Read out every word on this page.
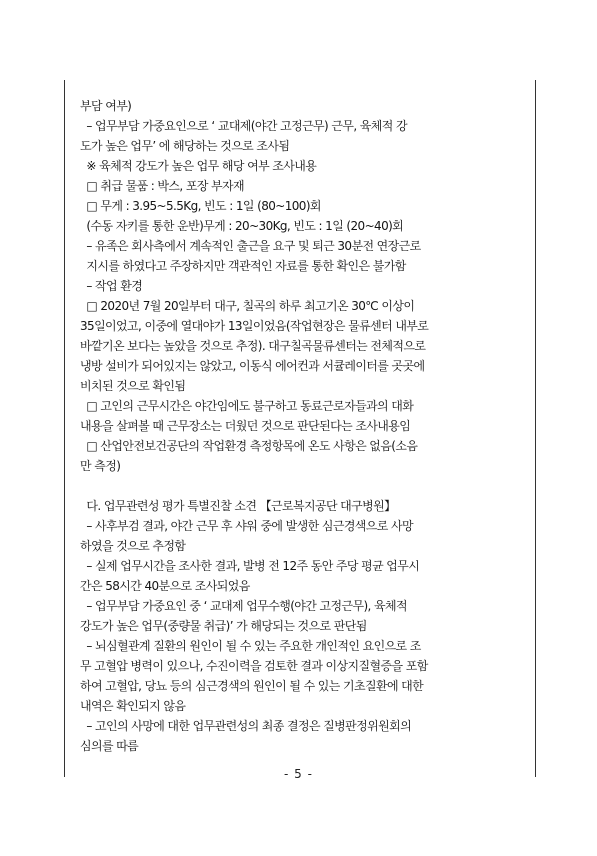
부담 여부)
– 업무부담 가중요인으로 ‘ 교대제(야간 고정근무) 근무, 육체적 강
도가 높은 업무’ 에 해당하는 것으로 조사됨
※ 육체적 강도가 높은 업무 해당 여부 조사내용
□ 취급 물품 : 박스, 포장 부자재
□ 무게 : 3.95~5.5Kg, 빈도 : 1일 (80~100)회
(수동 자키를 통한 운반)무게 : 20~30Kg, 빈도 : 1일 (20~40)회
– 유족은 회사측에서 계속적인 출근을 요구 및 퇴근 30분전 연장근로
지시를 하였다고 주장하지만 객관적인 자료를 통한 확인은 불가함
– 작업 환경
□ 2020년 7월 20일부터 대구, 칠곡의 하루 최고기온 30℃ 이상이
35일이었고, 이중에 열대야가 13일이었음(작업현장은 물류센터 내부로
바깥기온 보다는 높았을 것으로 추정). 대구칠곡물류센터는 전체적으로
냉방 설비가 되어있지는 않았고, 이동식 에어컨과 서큘레이터를 곳곳에
비치된 것으로 확인됨
□ 고인의 근무시간은 야간임에도 불구하고 동료근로자들과의 대화
내용을 살펴볼 때 근무장소는 더웠던 것으로 판단된다는 조사내용임
□ 산업안전보건공단의 작업환경 측정항목에 온도 사항은 없음(소음
만 측정)
다. 업무관련성 평가 특별진찰 소견 【근로복지공단 대구병원】
– 사후부검 결과, 야간 근무 후 샤워 중에 발생한 심근경색으로 사망
하였을 것으로 추정함
– 실제 업무시간을 조사한 결과, 발병 전 12주 동안 주당 평균 업무시
간은 58시간 40분으로 조사되었음
– 업무부담 가중요인 중 ‘ 교대제 업무수행(야간 고정근무), 육체적
강도가 높은 업무(중량물 취급)’ 가 해당되는 것으로 판단됨
– 뇌심혈관계 질환의 원인이 될 수 있는 주요한 개인적인 요인으로 조
무 고혈압 병력이 있으나, 수진이력을 검토한 결과 이상지질혈증을 포함
하여 고혈압, 당뇨 등의 심근경색의 원인이 될 수 있는 기초질환에 대한
내역은 확인되지 않음
– 고인의 사망에 대한 업무관련성의 최종 결정은 질병판정위원회의
심의를 따름
- 5 -
